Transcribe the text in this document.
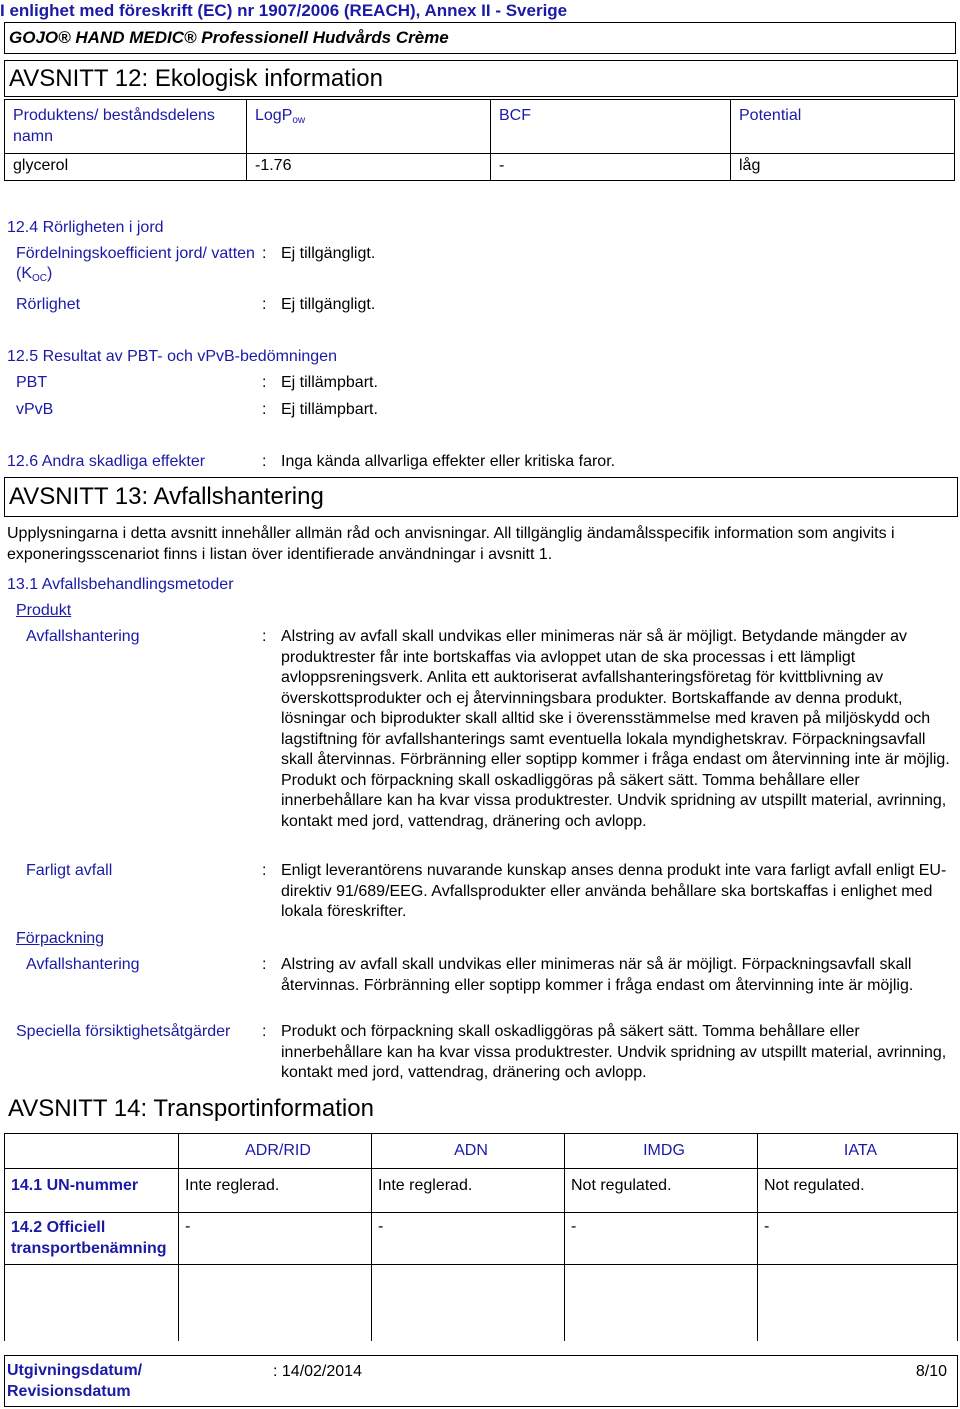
I enlighet med föreskrift (EC) nr 1907/2006 (REACH), Annex II - Sverige
GOJO® HAND MEDIC® Professionell Hudvårds Crème
AVSNITT 12: Ekologisk information
Produktens/ beståndsdelens namn	LogPow	BCF	Potential
glycerol	-1.76	-	låg
12.4 Rörligheten i jord
Fördelningskoefficient jord/ vatten (KOC)
: Ej tillgängligt.
Rörlighet	: Ej tillgängligt.
12.5 Resultat av PBT- och vPvB-bedömningen
PBT	: Ej tillämpbart.
vPvB	: Ej tillämpbart.
12.6 Andra skadliga effekter	: Inga kända allvarliga effekter eller kritiska faror.
AVSNITT 13: Avfallshantering
Upplysningarna i detta avsnitt innehåller allmän råd och anvisningar. All tillgänglig ändamålsspecifik information som angivits i exponeringsscenariot finns i listan över identifierade användningar i avsnitt 1.
13.1 Avfallsbehandlingsmetoder
Produkt
Avfallshantering	: Alstring av avfall skall undvikas eller minimeras när så är möjligt. Betydande mängder av produktrester får inte bortskaffas via avloppet utan de ska processas i ett lämpligt avloppsreningsverk. Anlita ett auktoriserat avfallshanteringsföretag för kvittblivning av överskottsprodukter och ej återvinningsbara produkter. Bortskaffande av denna produkt, lösningar och biprodukter skall alltid ske i överensstämmelse med kraven på miljöskydd och lagstiftning för avfallshanterings samt eventuella lokala myndighetskrav. Förpackningsavfall skall återvinnas. Förbränning eller soptipp kommer i fråga endast om återvinning inte är möjlig. Produkt och förpackning skall oskadliggöras på säkert sätt. Tomma behållare eller innerbehållare kan ha kvar vissa produktrester. Undvik spridning av utspillt material, avrinning, kontakt med jord, vattendrag, dränering och avlopp.
Farligt avfall	: Enligt leverantörens nuvarande kunskap anses denna produkt inte vara farligt avfall enligt EU-direktiv 91/689/EEG. Avfallsprodukter eller använda behållare ska bortskaffas i enlighet med lokala föreskrifter.
Förpackning
Avfallshantering	: Alstring av avfall skall undvikas eller minimeras när så är möjligt. Förpackningsavfall skall återvinnas. Förbränning eller soptipp kommer i fråga endast om återvinning inte är möjlig.
Speciella försiktighetsåtgärder	: Produkt och förpackning skall oskadliggöras på säkert sätt. Tomma behållare eller innerbehållare kan ha kvar vissa produktrester. Undvik spridning av utspillt material, avrinning, kontakt med jord, vattendrag, dränering och avlopp.
AVSNITT 14: Transportinformation
	ADR/RID	ADN	IMDG	IATA
14.1 UN-nummer	Inte reglerad.	Inte reglerad.	Not regulated.	Not regulated.
14.2 Officiell transportbenämning	-	-	-	-

Utgivningsdatum/ Revisionsdatum
: 14/02/2014	8/10
